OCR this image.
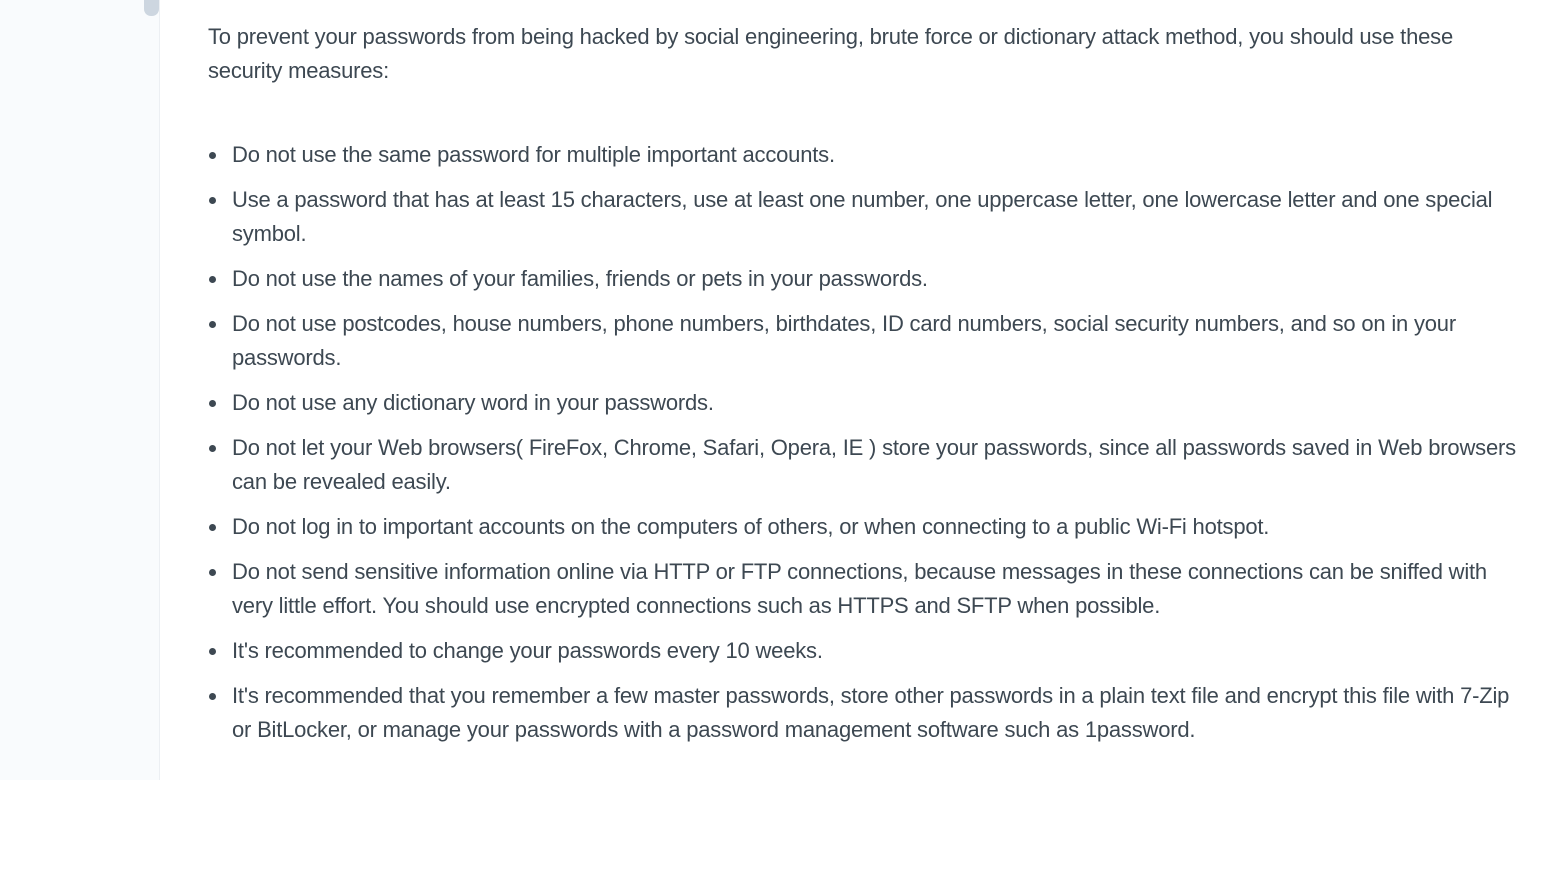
To prevent your passwords from being hacked by social engineering, brute force or dictionary attack method, you should use these security measures:

Do not use the same password for multiple important accounts.
Use a password that has at least 15 characters, use at least one number, one uppercase letter, one lowercase letter and one special symbol.
Do not use the names of your families, friends or pets in your passwords.
Do not use postcodes, house numbers, phone numbers, birthdates, ID card numbers, social security numbers, and so on in your passwords.
Do not use any dictionary word in your passwords.
Do not let your Web browsers( FireFox, Chrome, Safari, Opera, IE ) store your passwords, since all passwords saved in Web browsers can be revealed easily.
Do not log in to important accounts on the computers of others, or when connecting to a public Wi-Fi hotspot.
Do not send sensitive information online via HTTP or FTP connections, because messages in these connections can be sniffed with very little effort. You should use encrypted connections such as HTTPS and SFTP when possible.
It's recommended to change your passwords every 10 weeks.
It's recommended that you remember a few master passwords, store other passwords in a plain text file and encrypt this file with 7-Zip or BitLocker, or manage your passwords with a password management software such as 1password.
